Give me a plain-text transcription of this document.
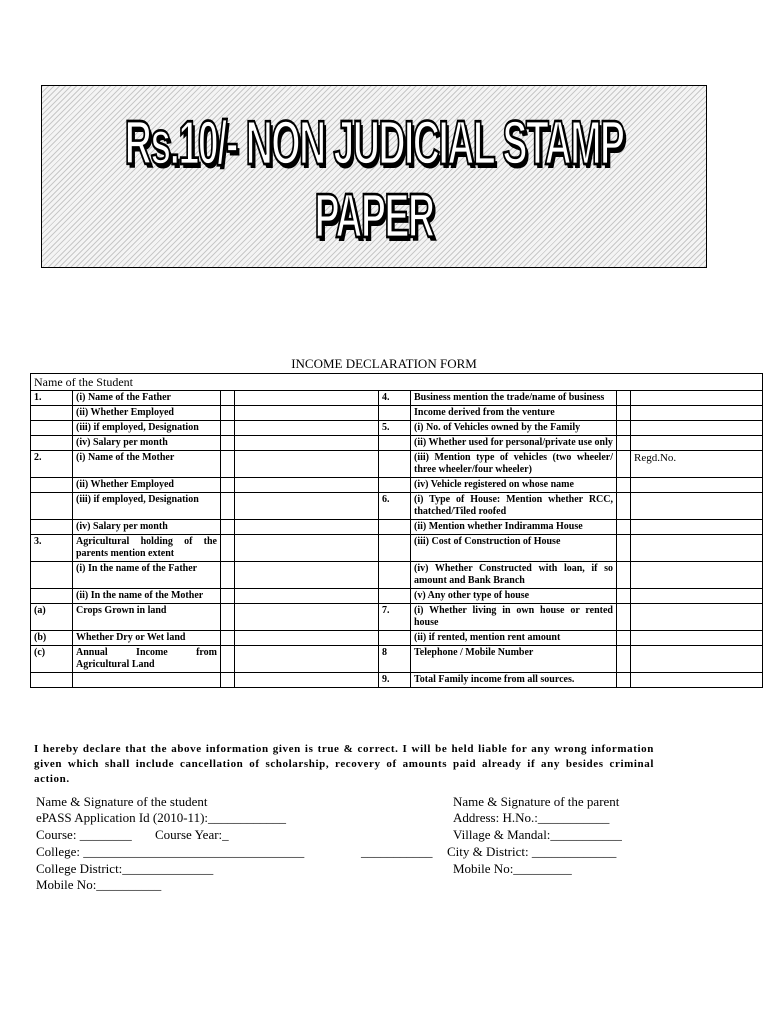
Rs.10/- NON JUDICIAL STAMP PAPER
INCOME DECLARATION FORM
Name of the Student							
1.	(i) Name of the Father			4.	Business mention the trade/name of business		
	(ii) Whether Employed				Income derived from the venture		
	(iii) if employed, Designation			5.	(i) No. of Vehicles owned by the Family		
	(iv) Salary per month				(ii) Whether used for personal/private use only		
2.	(i) Name of the Mother				(iii) Mention type of vehicles (two wheeler/ three wheeler/four wheeler)		Regd.No.
	(ii) Whether Employed				(iv) Vehicle registered on whose name		
	(iii) if employed, Designation			6.	(i) Type of House: Mention whether RCC, thatched/Tiled roofed		
	(iv) Salary per month				(ii) Mention whether Indiramma House		
3.	Agricultural holding of the parents mention extent				(iii) Cost of Construction of House		
	(i) In the name of the Father				(iv) Whether Constructed with loan, if so amount and Bank Branch		
	(ii) In the name of the Mother				(v) Any other type of house		
(a)	Crops Grown in land			7.	(i) Whether living in own house or rented house		
(b)	Whether Dry or Wet land				(ii) if rented, mention rent amount		
(c)	Annual Income from Agricultural Land			8	Telephone / Mobile Number		
				9.	Total Family income from all sources.		
I hereby declare that the above information given is true & correct. I will be held liable for any wrong information given which shall include cancellation of scholarship, recovery of amounts paid already if any besides criminal action.
Name & Signature of the student
ePASS Application Id (2010-11):____________
Course: ________ Course Year:_
College: __________________________________	___________
College District:______________
Mobile No:__________
Name & Signature of the parent
Address: H.No.:___________
Village & Mandal:___________
City & District: _____________
Mobile No:_________
